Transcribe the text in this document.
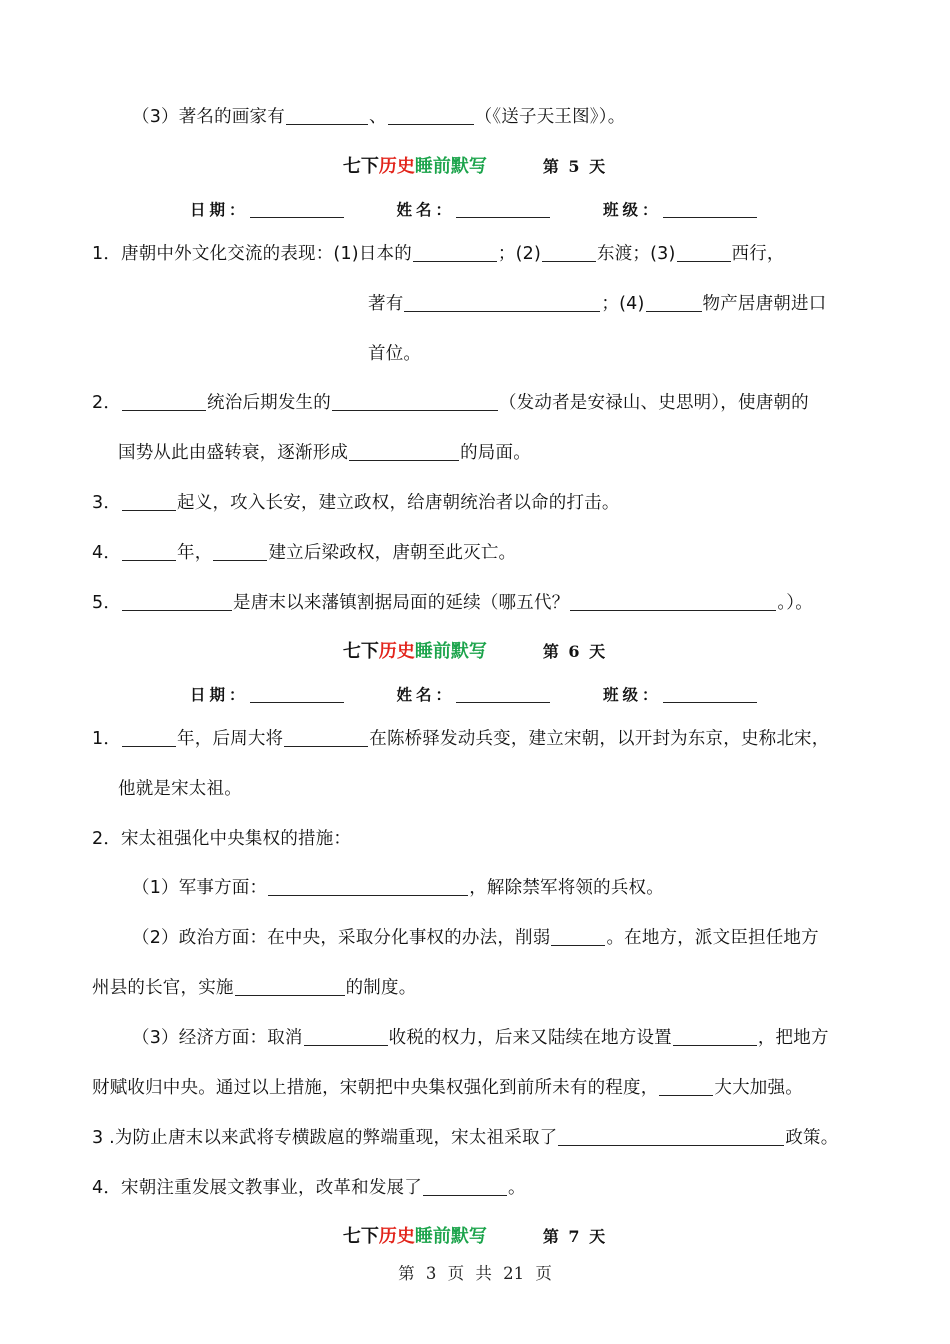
（3）著名的画家有	、	（《送子天王图》）。
七下历史睡前默写	第 5 天
日期：	姓名：	班级：
1．唐朝中外文化交流的表现：(1)日本的	；(2)	东渡；(3)	西行，
著有	；(4)	物产居唐朝进口
首位。
2．	统治后期发生的	（发动者是安禄山、史思明），使唐朝的
国势从此由盛转衰，逐渐形成	的局面。
3．	起义，攻入长安，建立政权，给唐朝统治者以命的打击。
4．	年，	建立后梁政权，唐朝至此灭亡。
5．	是唐末以来藩镇割据局面的延续（哪五代？	。）。
七下历史睡前默写	第 6 天
日期：	姓名：	班级：
1．	年，后周大将	在陈桥驿发动兵变，建立宋朝，以开封为东京，史称北宋，
他就是宋太祖。
2．宋太祖强化中央集权的措施：
（1）军事方面：	，解除禁军将领的兵权。
（2）政治方面：在中央，采取分化事权的办法，削弱	。在地方，派文臣担任地方
州县的长官，实施	的制度。
（3）经济方面：取消	收税的权力，后来又陆续在地方设置	，把地方
财赋收归中央。通过以上措施，宋朝把中央集权强化到前所未有的程度，	大大加强。
3 .为防止唐末以来武将专横跋扈的弊端重现，宋太祖采取了	政策。
4．宋朝注重发展文教事业，改革和发展了	。
七下历史睡前默写	第 7 天
第 3 页 共 21 页
